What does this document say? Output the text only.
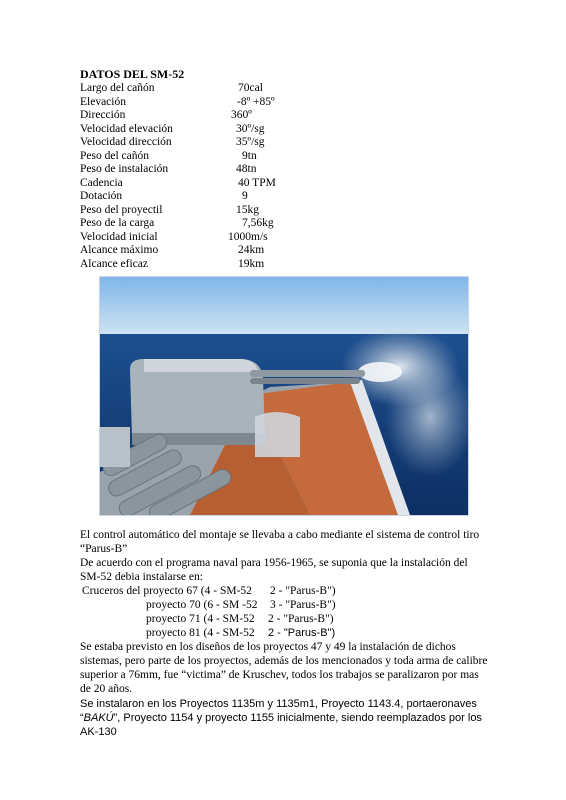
DATOS DEL SM-52
Largo del cañón	70cal
Elevación	-8º +85º
Dirección	360º
Velocidad elevación	30º/sg
Velocidad dirección	35º/sg
Peso del cañón	9tn
Peso de instalación	48tn
Cadencia	40 TPM
Dotación	9
Peso del proyectil	15kg
Peso de la carga	7,56kg
Velocidad inicial	1000m/s
Alcance máximo	24km
Alcance eficaz	19km
El control automático del montaje se llevaba a cabo mediante el sistema de control tiro
“Parus-B”
De acuerdo con el programa naval para 1956-1965, se suponia que la instalación del
SM-52 debia instalarse en:
Cruceros del proyecto 67 (4 - SM-52 2 - "Parus-B")
proyecto 70 (6 - SM -52 3 - "Parus-B")
proyecto 71 (4 - SM-52 2 - "Parus-B")
proyecto 81 (4 - SM-52 2 - "Parus-B")
Se estaba previsto en los diseños de los proyectos 47 y 49 la instalación de dichos
sistemas, pero parte de los proyectos, además de los mencionados y toda arma de calibre
superior a 76mm, fue “victima” de Kruschev, todos los trabajos se paralizaron por mas
de 20 años.
Se instalaron en los Proyectos 1135m y 1135m1, Proyecto 1143.4, portaeronaves
“BAKÚ”, Proyecto 1154 y proyecto 1155 inicialmente, siendo reemplazados por los
AK-130
